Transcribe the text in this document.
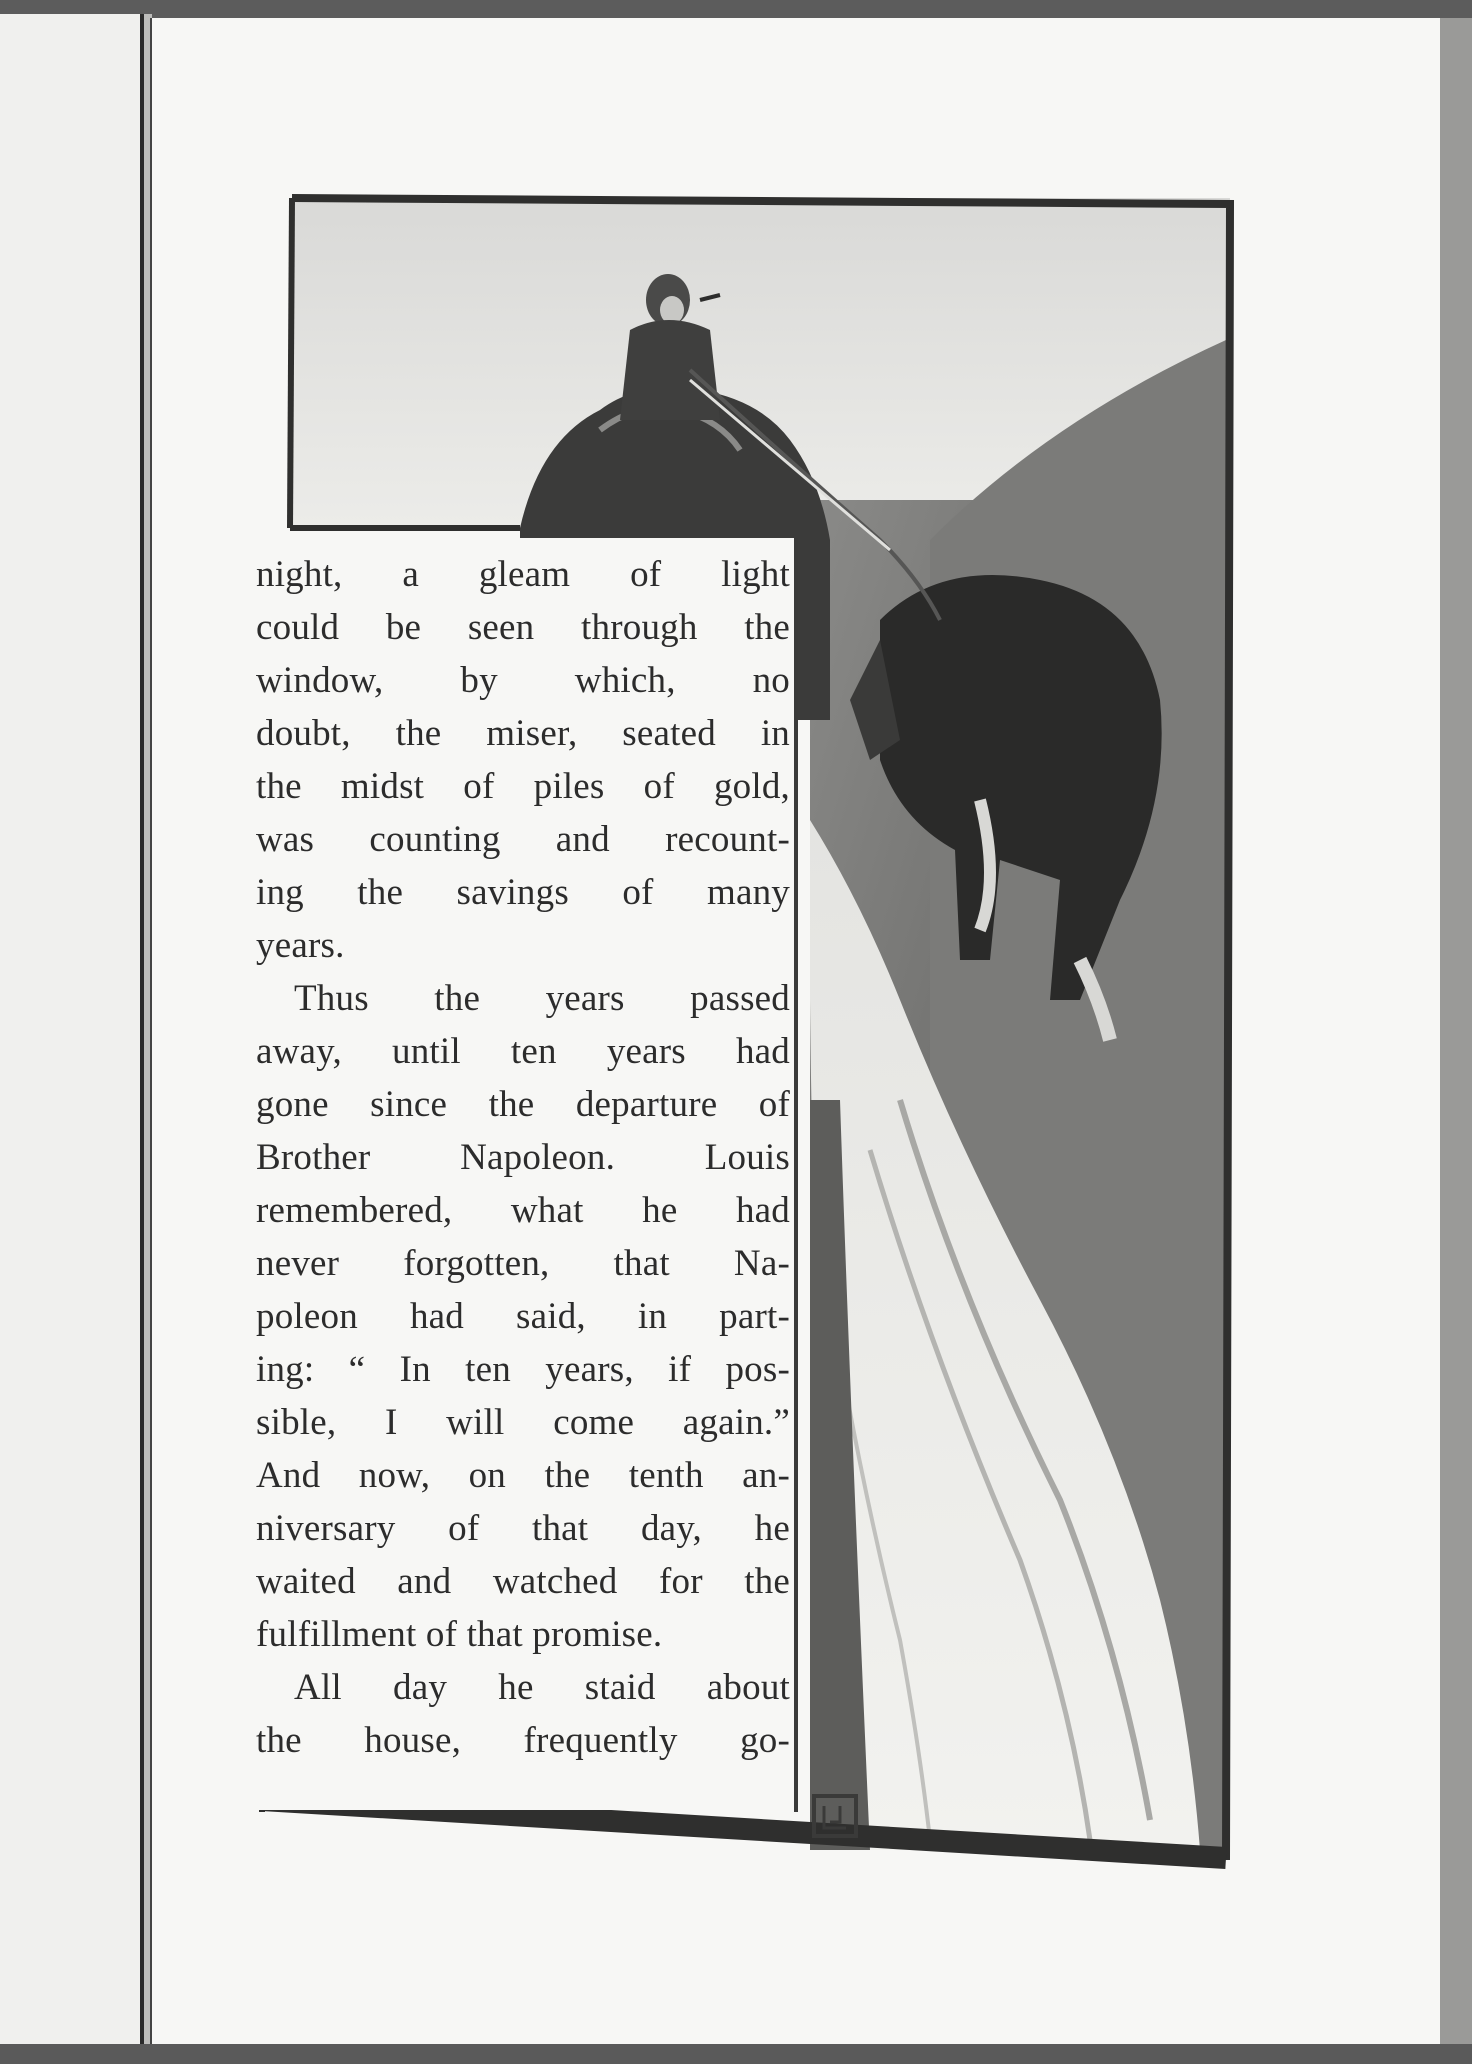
night, a gleam of light
could be seen through the
window, by which, no
doubt, the miser, seated in
the midst of piles of gold,
was counting and recount-
ing the savings of many
years.

Thus the years passed
away, until ten years had
gone since the departure of
Brother Napoleon. Louis
remembered, what he had
never forgotten, that Na-
poleon had said, in part-
ing: “ In ten years, if pos-
sible, I will come again.”
And now, on the tenth an-
niversary of that day, he
waited and watched for the
fulfillment of that promise.

All day he staid about
the house, frequently go-
